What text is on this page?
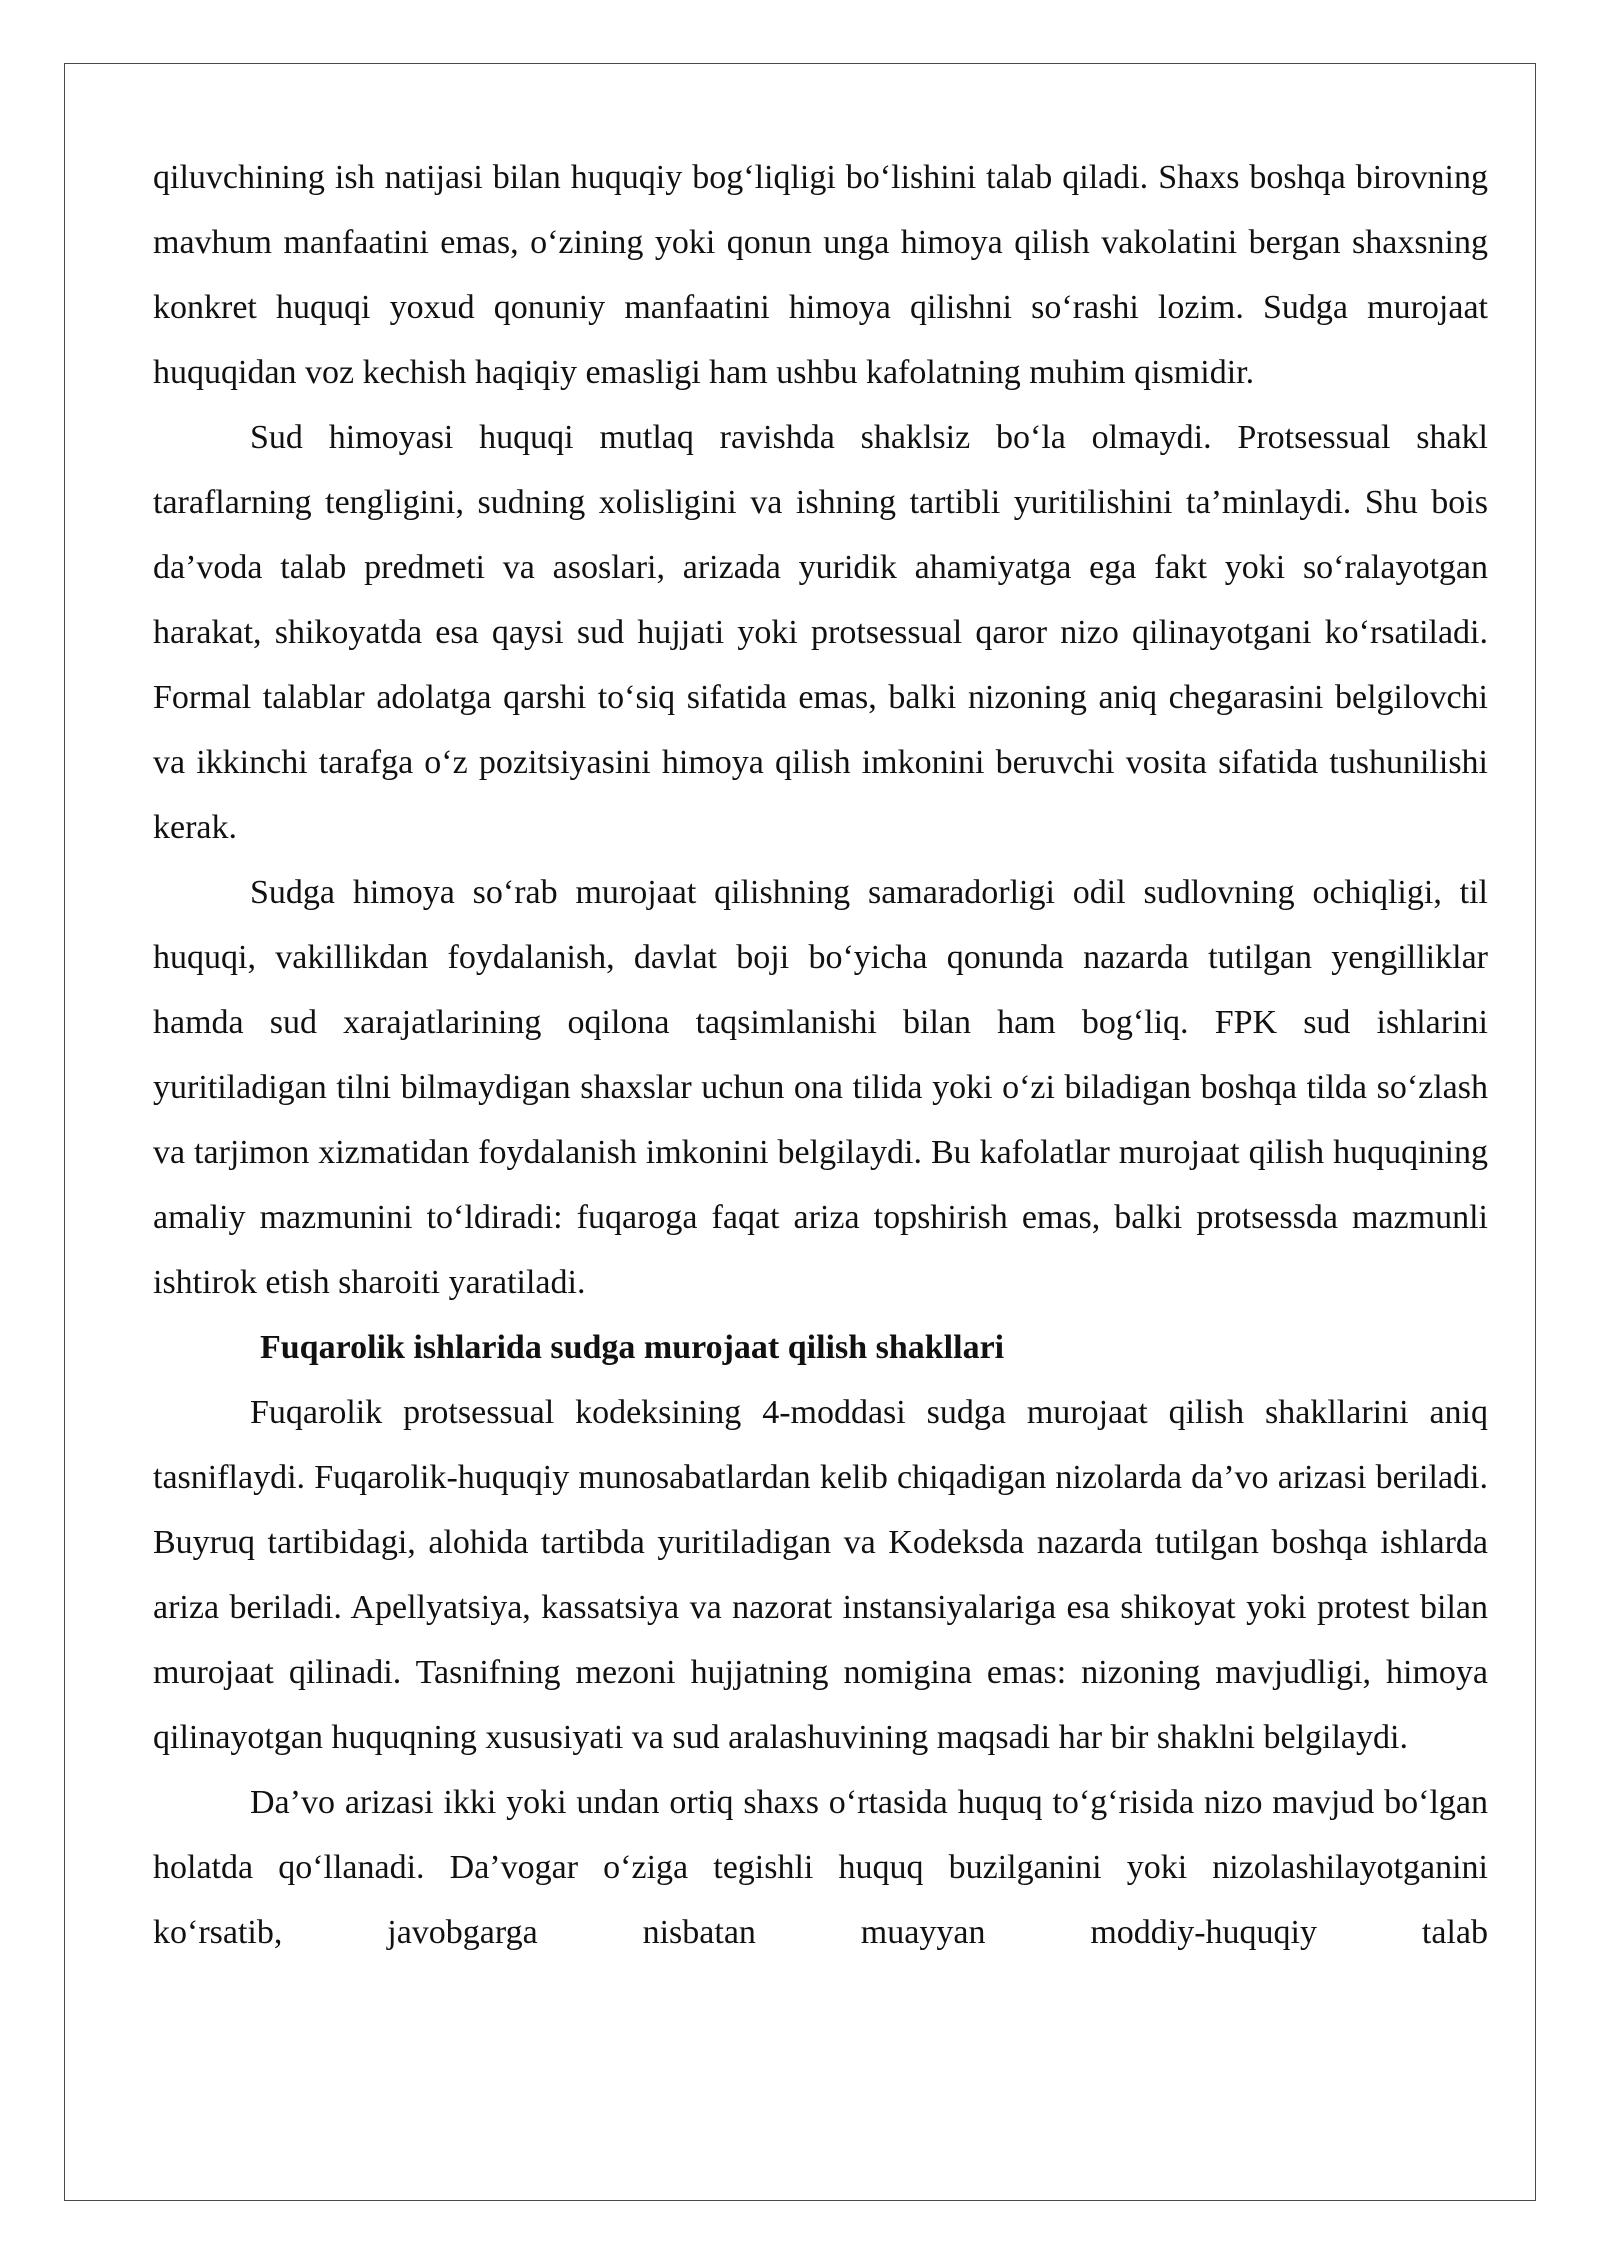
qiluvchining ish natijasi bilan huquqiy bog‘liqligi bo‘lishini talab qiladi. Shaxs boshqa birovning mavhum manfaatini emas, o‘zining yoki qonun unga himoya qilish vakolatini bergan shaxsning konkret huquqi yoxud qonuniy manfaatini himoya qilishni so‘rashi lozim. Sudga murojaat huquqidan voz kechish haqiqiy emasligi ham ushbu kafolatning muhim qismidir.

Sud himoyasi huquqi mutlaq ravishda shaklsiz bo‘la olmaydi. Protsessual shakl taraflarning tengligini, sudning xolisligini va ishning tartibli yuritilishini ta’minlaydi. Shu bois da’voda talab predmeti va asoslari, arizada yuridik ahamiyatga ega fakt yoki so‘ralayotgan harakat, shikoyatda esa qaysi sud hujjati yoki protsessual qaror nizo qilinayotgani ko‘rsatiladi. Formal talablar adolatga qarshi to‘siq sifatida emas, balki nizoning aniq chegarasini belgilovchi va ikkinchi tarafga o‘z pozitsiyasini himoya qilish imkonini beruvchi vosita sifatida tushunilishi kerak.

Sudga himoya so‘rab murojaat qilishning samaradorligi odil sudlovning ochiqligi, til huquqi, vakillikdan foydalanish, davlat boji bo‘yicha qonunda nazarda tutilgan yengilliklar hamda sud xarajatlarining oqilona taqsimlanishi bilan ham bog‘liq. FPK sud ishlarini yuritiladigan tilni bilmaydigan shaxslar uchun ona tilida yoki o‘zi biladigan boshqa tilda so‘zlash va tarjimon xizmatidan foydalanish imkonini belgilaydi. Bu kafolatlar murojaat qilish huquqining amaliy mazmunini to‘ldiradi: fuqaroga faqat ariza topshirish emas, balki protsessda mazmunli ishtirok etish sharoiti yaratiladi.

Fuqarolik ishlarida sudga murojaat qilish shakllari

Fuqarolik protsessual kodeksining 4-moddasi sudga murojaat qilish shakllarini aniq tasniflaydi. Fuqarolik-huquqiy munosabatlardan kelib chiqadigan nizolarda da’vo arizasi beriladi. Buyruq tartibidagi, alohida tartibda yuritiladigan va Kodeksda nazarda tutilgan boshqa ishlarda ariza beriladi. Apellyatsiya, kassatsiya va nazorat instansiyalariga esa shikoyat yoki protest bilan murojaat qilinadi. Tasnifning mezoni hujjatning nomigina emas: nizoning mavjudligi, himoya qilinayotgan huquqning xususiyati va sud aralashuvining maqsadi har bir shaklni belgilaydi.

Da’vo arizasi ikki yoki undan ortiq shaxs o‘rtasida huquq to‘g‘risida nizo mavjud bo‘lgan holatda qo‘llanadi. Da’vogar o‘ziga tegishli huquq buzilganini yoki nizolashilayotganini ko‘rsatib, javobgarga nisbatan muayyan moddiy-huquqiy talab
